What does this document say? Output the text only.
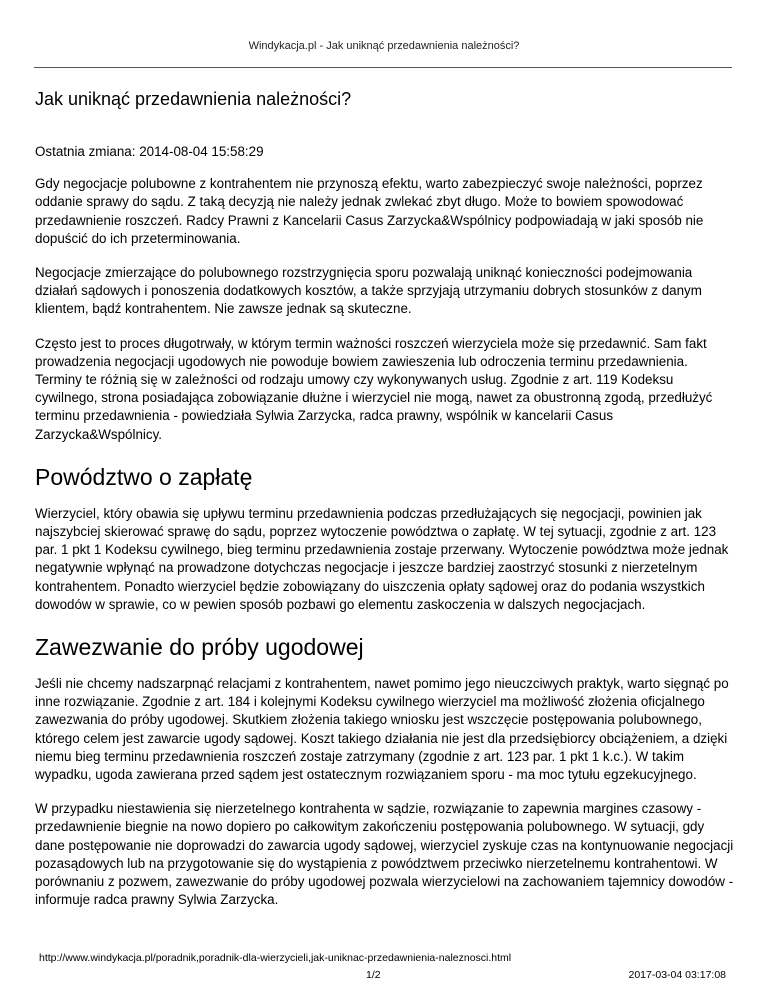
Windykacja.pl - Jak uniknąć przedawnienia należności?
Jak uniknąć przedawnienia należności?

Ostatnia zmiana: 2014-08-04 15:58:29

Gdy negocjacje polubowne z kontrahentem nie przynoszą efektu, warto zabezpieczyć swoje należności, poprzez oddanie sprawy do sądu. Z taką decyzją nie należy jednak zwlekać zbyt długo. Może to bowiem spowodować przedawnienie roszczeń. Radcy Prawni z Kancelarii Casus Zarzycka&Wspólnicy podpowiadają w jaki sposób nie dopuścić do ich przeterminowania.

Negocjacje zmierzające do polubownego rozstrzygnięcia sporu pozwalają uniknąć konieczności podejmowania działań sądowych i ponoszenia dodatkowych kosztów, a także sprzyjają utrzymaniu dobrych stosunków z danym klientem, bądź kontrahentem. Nie zawsze jednak są skuteczne.

Często jest to proces długotrwały, w którym termin ważności roszczeń wierzyciela może się przedawnić. Sam fakt prowadzenia negocjacji ugodowych nie powoduje bowiem zawieszenia lub odroczenia terminu przedawnienia. Terminy te różnią się w zależności od rodzaju umowy czy wykonywanych usług. Zgodnie z art. 119 Kodeksu cywilnego, strona posiadająca zobowiązanie dłużne i wierzyciel nie mogą, nawet za obustronną zgodą, przedłużyć terminu przedawnienia - powiedziała Sylwia Zarzycka, radca prawny, wspólnik w kancelarii Casus Zarzycka&Wspólnicy.

Powództwo o zapłatę

Wierzyciel, który obawia się upływu terminu przedawnienia podczas przedłużających się negocjacji, powinien jak najszybciej skierować sprawę do sądu, poprzez wytoczenie powództwa o zapłatę. W tej sytuacji, zgodnie z art. 123 par. 1 pkt 1 Kodeksu cywilnego, bieg terminu przedawnienia zostaje przerwany. Wytoczenie powództwa może jednak negatywnie wpłynąć na prowadzone dotychczas negocjacje i jeszcze bardziej zaostrzyć stosunki z nierzetelnym kontrahentem. Ponadto wierzyciel będzie zobowiązany do uiszczenia opłaty sądowej oraz do podania wszystkich dowodów w sprawie, co w pewien sposób pozbawi go elementu zaskoczenia w dalszych negocjacjach.

Zawezwanie do próby ugodowej

Jeśli nie chcemy nadszarpnąć relacjami z kontrahentem, nawet pomimo jego nieuczciwych praktyk, warto sięgnąć po inne rozwiązanie. Zgodnie z art. 184 i kolejnymi Kodeksu cywilnego wierzyciel ma możliwość złożenia oficjalnego zawezwania do próby ugodowej. Skutkiem złożenia takiego wniosku jest wszczęcie postępowania polubownego, którego celem jest zawarcie ugody sądowej. Koszt takiego działania nie jest dla przedsiębiorcy obciążeniem, a dzięki niemu bieg terminu przedawnienia roszczeń zostaje zatrzymany (zgodnie z art. 123 par. 1 pkt 1 k.c.). W takim wypadku, ugoda zawierana przed sądem jest ostatecznym rozwiązaniem sporu - ma moc tytułu egzekucyjnego.

W przypadku niestawienia się nierzetelnego kontrahenta w sądzie, rozwiązanie to zapewnia margines czasowy - przedawnienie biegnie na nowo dopiero po całkowitym zakończeniu postępowania polubownego. W sytuacji, gdy dane postępowanie nie doprowadzi do zawarcia ugody sądowej, wierzyciel zyskuje czas na kontynuowanie negocjacji pozasądowych lub na przygotowanie się do wystąpienia z powództwem przeciwko nierzetelnemu kontrahentowi. W porównaniu z pozwem, zawezwanie do próby ugodowej pozwala wierzycielowi na zachowaniem tajemnicy dowodów - informuje radca prawny Sylwia Zarzycka.

http://www.windykacja.pl/poradnik,poradnik-dla-wierzycieli,jak-uniknac-przedawnienia-naleznosci.html
1/2	2017-03-04 03:17:08
